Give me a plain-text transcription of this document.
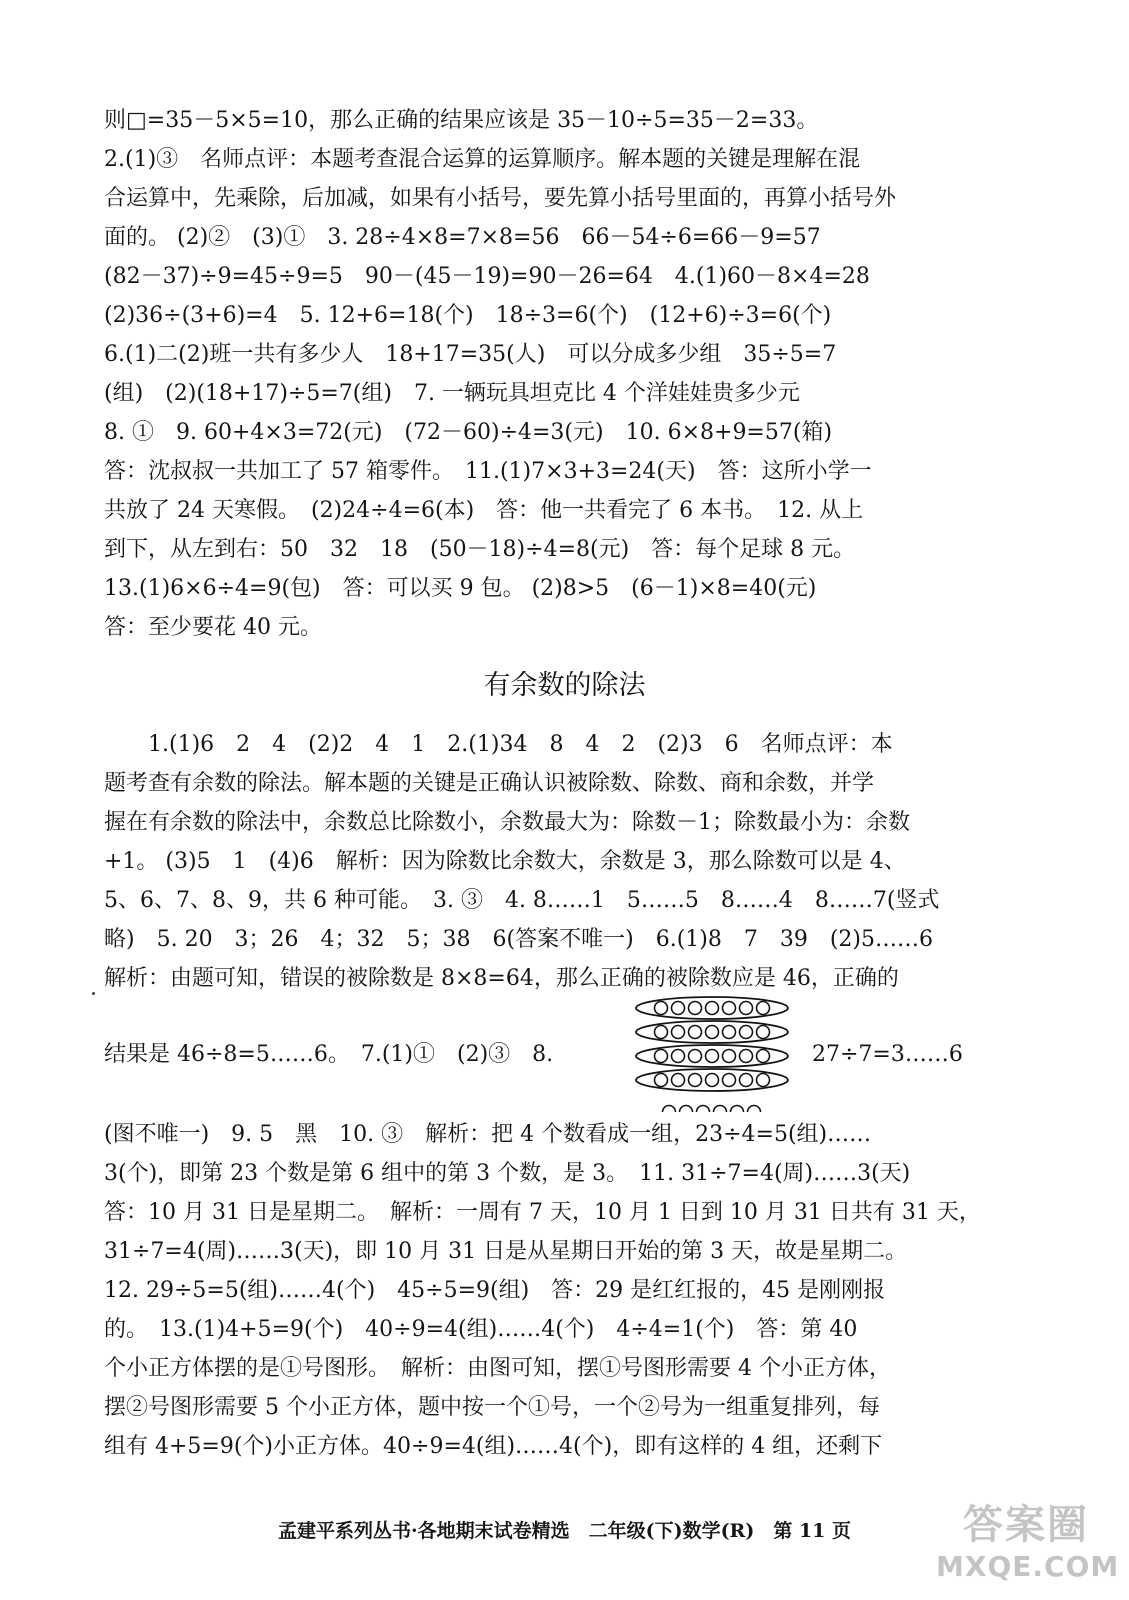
则□=35－5×5=10，那么正确的结果应该是 35－10÷5=35－2=33。
2.(1)③　名师点评：本题考查混合运算的运算顺序。解本题的关键是理解在混
合运算中，先乘除，后加减，如果有小括号，要先算小括号里面的，再算小括号外
面的。 (2)②　(3)①　3. 28÷4×8=7×8=56　66－54÷6=66－9=57
(82－37)÷9=45÷9=5　90－(45－19)=90－26=64　4.(1)60－8×4=28
(2)36÷(3+6)=4　5. 12+6=18(个)　18÷3=6(个)　(12+6)÷3=6(个)
6.(1)二(2)班一共有多少人　18+17=35(人)　可以分成多少组　35÷5=7
(组)　(2)(18+17)÷5=7(组)　7. 一辆玩具坦克比 4 个洋娃娃贵多少元
8. ①　9. 60+4×3=72(元)　(72－60)÷4=3(元)　10. 6×8+9=57(箱)
答：沈叔叔一共加工了 57 箱零件。　11.(1)7×3+3=24(天)　答：这所小学一
共放了 24 天寒假。　(2)24÷4=6(本)　答：他一共看完了 6 本书。　12. 从上
到下，从左到右：50　32　18　(50－18)÷4=8(元)　答：每个足球 8 元。
13.(1)6×6÷4=9(包)　答：可以买 9 包。 (2)8>5　(6－1)×8=40(元)
答：至少要花 40 元。
有余数的除法
1.(1)6　2　4　(2)2　4　1　2.(1)34　8　4　2　(2)3　6　名师点评：本
题考查有余数的除法。解本题的关键是正确认识被除数、除数、商和余数，并学
握在有余数的除法中，余数总比除数小，余数最大为：除数－1；除数最小为：余数
+1。 (3)5　1　(4)6　解析：因为除数比余数大，余数是 3，那么除数可以是 4、
5、6、7、8、9，共 6 种可能。　3. ③　4. 8……1　5……5　8……4　8……7(竖式
略)　5. 20　3；26　4；32　5；38　6(答案不唯一)　6.(1)8　7　39　(2)5……6
解析：由题可知，错误的被除数是 8×8=64，那么正确的被除数应是 46，正确的
结果是 46÷8=5……6。　7.(1)①　(2)③　8.	27÷7=3……6
(图不唯一)　9. 5　黑　10. ③　解析：把 4 个数看成一组，23÷4=5(组)……
3(个)，即第 23 个数是第 6 组中的第 3 个数，是 3。　11. 31÷7=4(周)……3(天)
答：10 月 31 日是星期二。　解析：一周有 7 天，10 月 1 日到 10 月 31 日共有 31 天，
31÷7=4(周)……3(天)，即 10 月 31 日是从星期日开始的第 3 天，故是星期二。
12. 29÷5=5(组)……4(个)　45÷5=9(组)　答：29 是红红报的，45 是刚刚报
的。　13.(1)4+5=9(个)　40÷9=4(组)……4(个)　4÷4=1(个)　答：第 40
个小正方体摆的是①号图形。　解析：由图可知，摆①号图形需要 4 个小正方体，
摆②号图形需要 5 个小正方体，题中按一个①号，一个②号为一组重复排列，每
组有 4+5=9(个)小正方体。40÷9=4(组)……4(个)，即有这样的 4 组，还剩下
孟建平系列丛书·各地期末试卷精选　二年级(下)数学(R)　第 11 页	答案圈
MXQE.COM
